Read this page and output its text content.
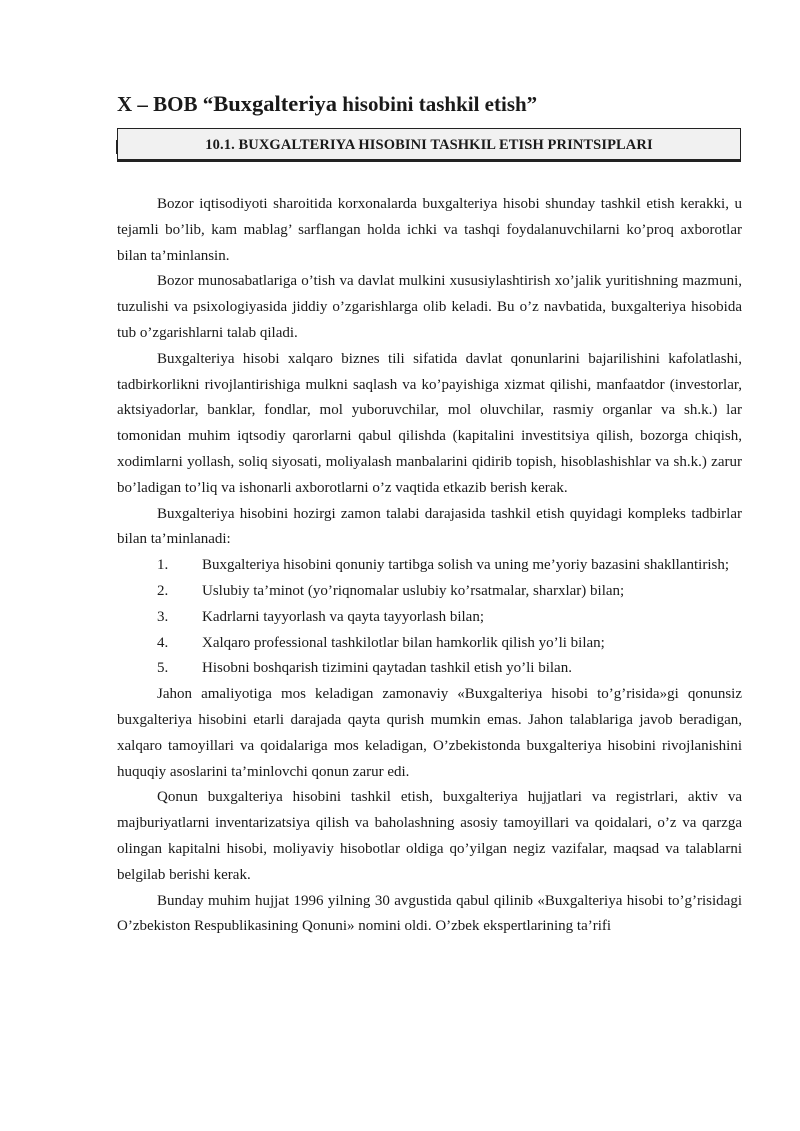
X – BOB “Buxgalteriya hisobini tashkil etish”
10.1. BUXGALTERIYA HISOBINI TASHKIL ETISH PRINTSIPLARI

Bozor iqtisodiyoti sharoitida korxonalarda buxgalteriya hisobi shunday tashkil etish kerakki, u tejamli bo’lib, kam mablag’ sarflangan holda ichki va tashqi foydalanuvchilarni ko’proq axborotlar bilan ta’minlansin.

Bozor munosabatlariga o’tish va davlat mulkini xususiylashtirish xo’jalik yuritishning mazmuni, tuzulishi va psixologiyasida jiddiy o’zgarishlarga olib keladi. Bu o’z navbatida, buxgalteriya hisobida tub o’zgarishlarni talab qiladi.

Buxgalteriya hisobi xalqaro biznes tili sifatida davlat qonunlarini bajarilishini kafolatlashi, tadbirkorlikni rivojlantirishiga mulkni saqlash va ko’payishiga xizmat qilishi, manfaatdor (investorlar, aktsiyadorlar, banklar, fondlar, mol yuboruvchilar, mol oluvchilar, rasmiy organlar va sh.k.) lar tomonidan muhim iqtsodiy qarorlarni qabul qilishda (kapitalini investitsiya qilish, bozorga chiqish, xodimlarni yollash, soliq siyosati, moliyalash manbalarini qidirib topish, hisoblashishlar va sh.k.) zarur bo’ladigan to’liq va ishonarli axborotlarni o’z vaqtida etkazib berish kerak.

Buxgalteriya hisobini hozirgi zamon talabi darajasida tashkil etish quyidagi kompleks tadbirlar bilan ta’minlanadi:

1. Buxgalteriya hisobini qonuniy tartibga solish va uning me’yoriy bazasini shakllantirish;
2.	Uslubiy ta’minot (yo’riqnomalar uslubiy ko’rsatmalar, sharxlar) bilan;
3.	Kadrlarni tayyorlash va qayta tayyorlash bilan;
4.	Xalqaro professional tashkilotlar bilan hamkorlik qilish yo’li bilan;
5.	Hisobni boshqarish tizimini qaytadan tashkil etish yo’li bilan.

Jahon amaliyotiga mos keladigan zamonaviy «Buxgalteriya hisobi to’g’risida»gi qonunsiz buxgalteriya hisobini etarli darajada qayta qurish mumkin emas. Jahon talablariga javob beradigan, xalqaro tamoyillari va qoidalariga mos keladigan, O’zbekistonda buxgalteriya hisobini rivojlanishini huquqiy asoslarini ta’minlovchi qonun zarur edi.

Qonun buxgalteriya hisobini tashkil etish, buxgalteriya hujjatlari va registrlari, aktiv va majburiyatlarni inventarizatsiya qilish va baholashning asosiy tamoyillari va qoidalari, o’z va qarzga olingan kapitalni hisobi, moliyaviy hisobotlar oldiga qo’yilgan negiz vazifalar, maqsad va talablarni belgilab berishi kerak.

Bunday muhim hujjat 1996 yilning 30 avgustida qabul qilinib «Buxgalteriya hisobi to’g’risidagi O’zbekiston Respublikasining Qonuni» nomini oldi. O’zbek ekspertlarining ta’rifi
